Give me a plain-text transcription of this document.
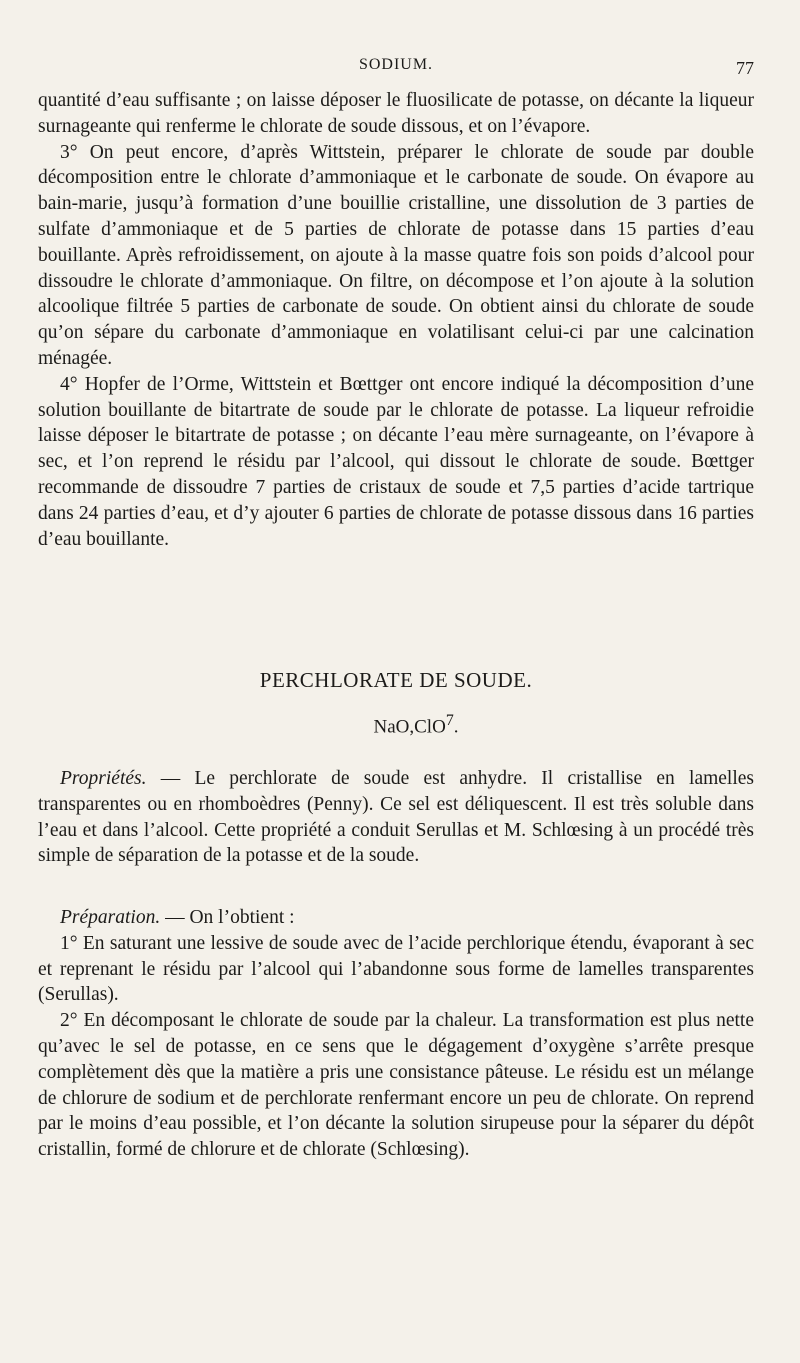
SODIUM.	77

quantité d’eau suffisante ; on laisse déposer le fluosilicate de potasse, on décante la liqueur surnageante qui renferme le chlorate de soude dissous, et on l’évapore.

3° On peut encore, d’après Wittstein, préparer le chlorate de soude par double décomposition entre le chlorate d’ammoniaque et le carbonate de soude. On évapore au bain-marie, jusqu’à formation d’une bouillie cristalline, une dissolution de 3 parties de sulfate d’ammoniaque et de 5 parties de chlorate de potasse dans 15 parties d’eau bouillante. Après refroidissement, on ajoute à la masse quatre fois son poids d’alcool pour dissoudre le chlorate d’ammoniaque. On filtre, on décompose et l’on ajoute à la solution alcoolique filtrée 5 parties de carbonate de soude. On obtient ainsi du chlorate de soude qu’on sépare du carbonate d’ammoniaque en volatilisant celui-ci par une calcination ménagée.

4° Hopfer de l’Orme, Wittstein et Bœttger ont encore indiqué la décomposition d’une solution bouillante de bitartrate de soude par le chlorate de potasse. La liqueur refroidie laisse déposer le bitartrate de potasse ; on décante l’eau mère surnageante, on l’évapore à sec, et l’on reprend le résidu par l’alcool, qui dissout le chlorate de soude. Bœttger recommande de dissoudre 7 parties de cristaux de soude et 7,5 parties d’acide tartrique dans 24 parties d’eau, et d’y ajouter 6 parties de chlorate de potasse dissous dans 16 parties d’eau bouillante.

PERCHLORATE DE SOUDE.
NaO,ClO$^7$.

Propriétés. — Le perchlorate de soude est anhydre. Il cristallise en lamelles transparentes ou en rhomboèdres (Penny). Ce sel est déliquescent. Il est très soluble dans l’eau et dans l’alcool. Cette propriété a conduit Serullas et M. Schlœsing à un procédé très simple de séparation de la potasse et de la soude.

Préparation. — On l’obtient :

1° En saturant une lessive de soude avec de l’acide perchlorique étendu, évaporant à sec et reprenant le résidu par l’alcool qui l’abandonne sous forme de lamelles transparentes (Serullas).

2° En décomposant le chlorate de soude par la chaleur. La transformation est plus nette qu’avec le sel de potasse, en ce sens que le dégagement d’oxygène s’arrête presque complètement dès que la matière a pris une consistance pâteuse. Le résidu est un mélange de chlorure de sodium et de perchlorate renfermant encore un peu de chlorate. On reprend par le moins d’eau possible, et l’on décante la solution sirupeuse pour la séparer du dépôt cristallin, formé de chlorure et de chlorate (Schlœsing).
